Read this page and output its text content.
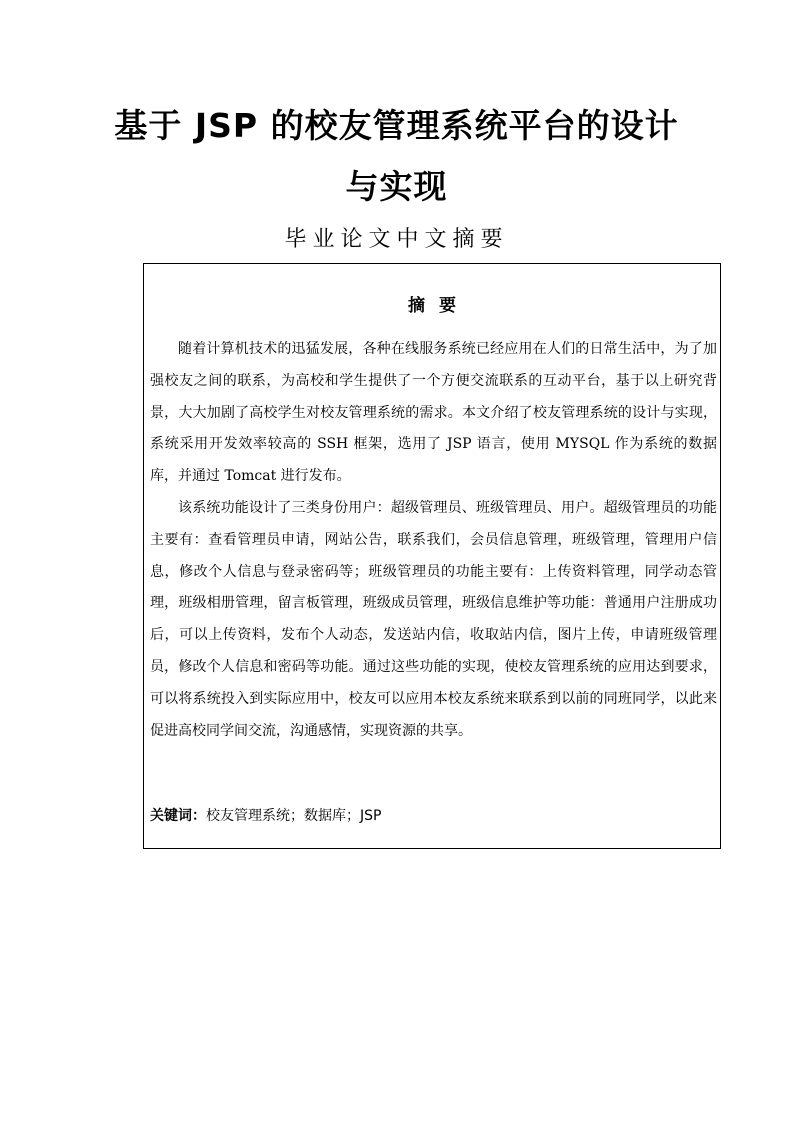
基于 JSP 的校友管理系统平台的设计
与实现
毕业论文中文摘要
摘要

随着计算机技术的迅猛发展，各种在线服务系统已经应用在人们的日常生活中，为了加强校友之间的联系，为高校和学生提供了一个方便交流联系的互动平台，基于以上研究背景，大大加剧了高校学生对校友管理系统的需求。本文介绍了校友管理系统的设计与实现，系统采用开发效率较高的 SSH 框架，选用了 JSP 语言，使用 MYSQL 作为系统的数据库，并通过 Tomcat 进行发布。

该系统功能设计了三类身份用户：超级管理员、班级管理员、用户。超级管理员的功能主要有：查看管理员申请，网站公告，联系我们，会员信息管理，班级管理，管理用户信息，修改个人信息与登录密码等；班级管理员的功能主要有：上传资料管理，同学动态管理，班级相册管理，留言板管理，班级成员管理，班级信息维护等功能：普通用户注册成功后，可以上传资料，发布个人动态，发送站内信，收取站内信，图片上传，申请班级管理员，修改个人信息和密码等功能。通过这些功能的实现，使校友管理系统的应用达到要求，可以将系统投入到实际应用中，校友可以应用本校友系统来联系到以前的同班同学，以此来促进高校同学间交流，沟通感情，实现资源的共享。

关键词：校友管理系统；数据库；JSP
